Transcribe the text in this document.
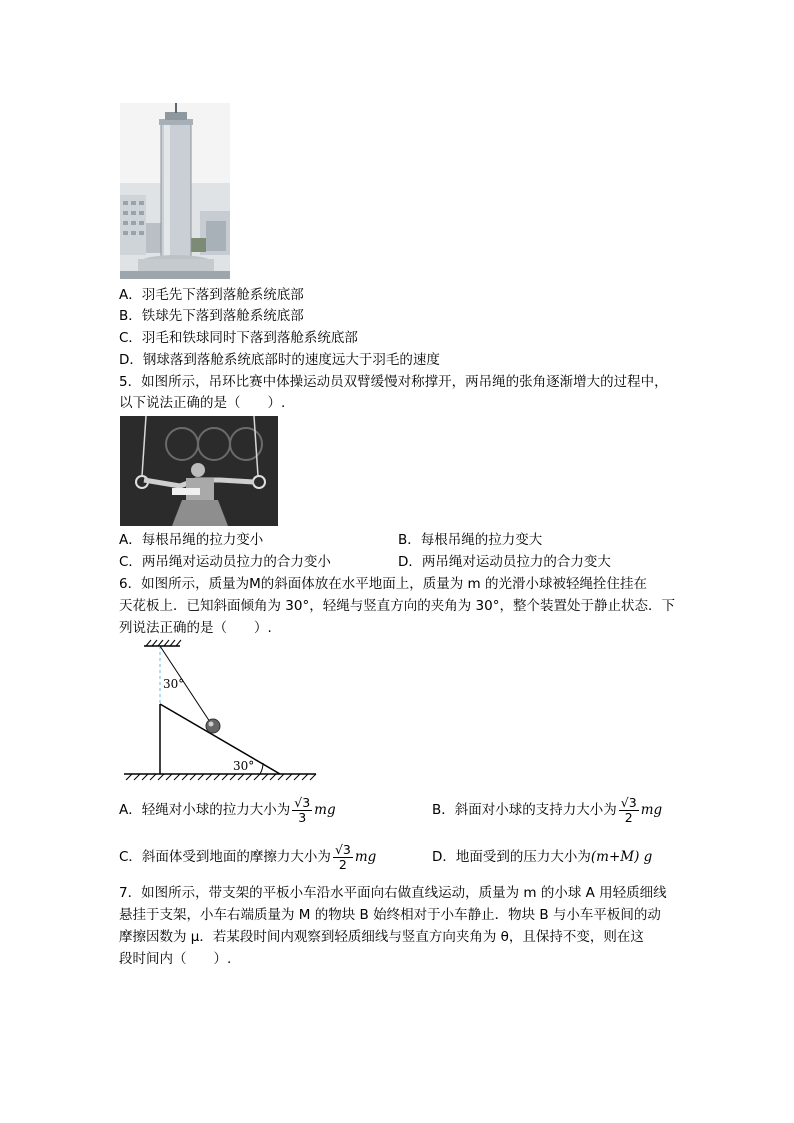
A．羽毛先下落到落舱系统底部
B．铁球先下落到落舱系统底部
C．羽毛和铁球同时下落到落舱系统底部
D．钢球落到落舱系统底部时的速度远大于羽毛的速度
5．如图所示，吊环比赛中体操运动员双臂缓慢对称撑开，两吊绳的张角逐渐增大的过程中，
以下说法正确的是（　　）.
A．每根吊绳的拉力变小	B．每根吊绳的拉力变大
C．两吊绳对运动员拉力的合力变小	D．两吊绳对运动员拉力的合力变大
6．如图所示，质量为M的斜面体放在水平地面上，质量为 m 的光滑小球被轻绳拴住挂在
天花板上．已知斜面倾角为 30°，轻绳与竖直方向的夹角为 30°，整个装置处于静止状态．下
列说法正确的是（　　）.
30°
30°
A．轻绳对小球的拉力大小为 $\frac{√3}{3}$ mg	B．斜面对小球的支持力大小为 $\frac{√3}{2}$ mg
C．斜面体受到地面的摩擦力大小为 $\frac{√3}{2}$ mg	D．地面受到的压力大小为(m+M) g
7．如图所示，带支架的平板小车沿水平面向右做直线运动，质量为 m 的小球 A 用轻质细线
悬挂于支架，小车右端质量为 M 的物块 B 始终相对于小车静止．物块 B 与小车平板间的动
摩擦因数为 μ．若某段时间内观察到轻质细线与竖直方向夹角为 θ，且保持不变，则在这
段时间内（　　）.
